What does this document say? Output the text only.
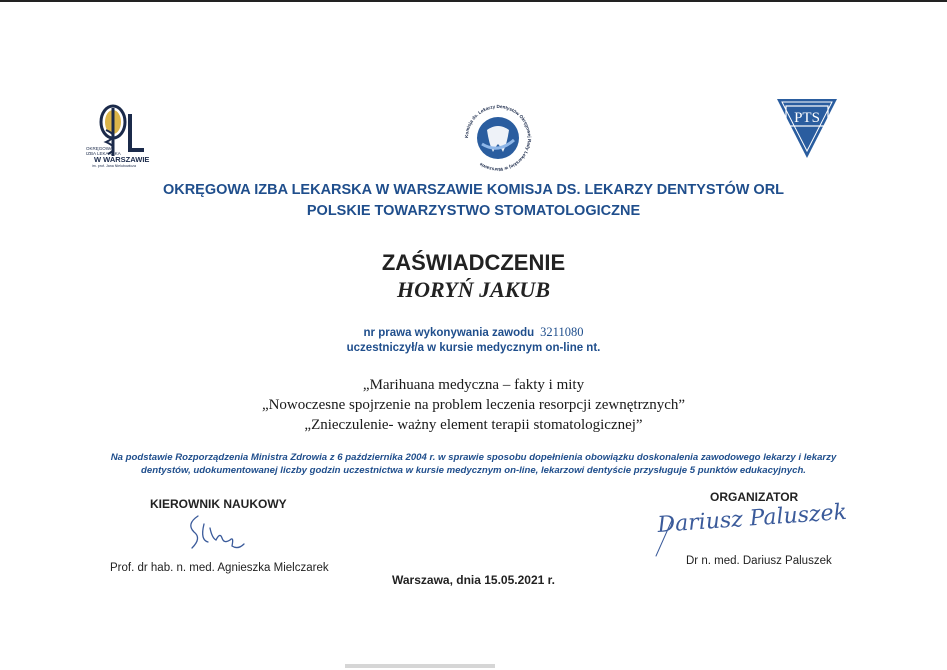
OKRĘGOWA
IZBA LEKARSKA
W WARSZAWIE
im. prof. Jana Nielubowicza
Komisja ds. Lekarzy Dentystów Okręgowej Rady Lekarskiej w Warszawie
PTS
OKRĘGOWA IZBA LEKARSKA W WARSZAWIE KOMISJA DS. LEKARZY DENTYSTÓW ORL
POLSKIE TOWARZYSTWO STOMATOLOGICZNE
ZAŚWIADCZENIE
HORYŃ JAKUB
nr prawa wykonywania zawodu 3211080
uczestniczył/a w kursie medycznym on-line nt.
„Marihuana medyczna – fakty i mity
„Nowoczesne spojrzenie na problem leczenia resorpcji zewnętrznych”
„Znieczulenie- ważny element terapii stomatologicznej”
Na podstawie Rozporządzenia Ministra Zdrowia z 6 października 2004 r. w sprawie sposobu dopełnienia obowiązku doskonalenia zawodowego lekarzy i lekarzy
dentystów, udokumentowanej liczby godzin uczestnictwa w kursie medycznym on-line, lekarzowi dentyście przysługuje 5 punktów edukacyjnych.
KIEROWNIK NAUKOWY
Prof. dr hab. n. med. Agnieszka Mielczarek
ORGANIZATOR
Dariusz Paluszek
Dr n. med. Dariusz Paluszek
Warszawa, dnia 15.05.2021 r.
